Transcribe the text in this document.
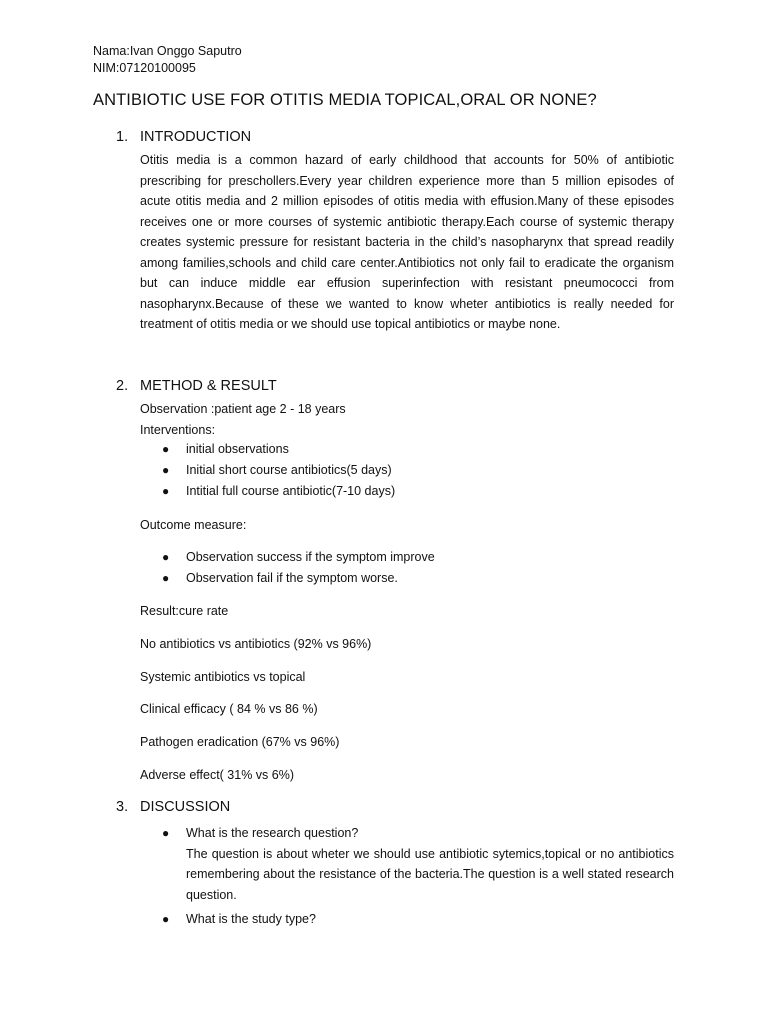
Nama:Ivan Onggo Saputro
NIM:07120100095
ANTIBIOTIC USE FOR OTITIS MEDIA TOPICAL,ORAL OR NONE?
1. INTRODUCTION
Otitis media is a common hazard of early childhood that accounts for 50% of antibiotic prescribing for preschollers.Every year children experience more than 5 million episodes of acute otitis media and 2 million episodes of otitis media with effusion.Many of these episodes receives one or more courses of systemic antibiotic therapy.Each course of systemic therapy creates systemic pressure for resistant bacteria in the child’s nasopharynx that spread readily among families,schools and child care center.Antibiotics not only fail to eradicate the organism but can induce middle ear effusion superinfection with resistant pneumococci from nasopharynx.Because of these we wanted to know wheter antibiotics is really needed for treatment of otitis media or we should use topical antibiotics or maybe none.
2. METHOD & RESULT
Observation :patient age 2 - 18 years
Interventions:
● initial observations
● Initial short course antibiotics(5 days)
● Intitial full course antibiotic(7-10 days)
Outcome measure:
● Observation success if the symptom improve
● Observation fail if the symptom worse.
Result:cure rate
No antibiotics vs antibiotics (92% vs 96%)
Systemic antibiotics vs topical
Clinical efficacy ( 84 % vs 86 %)
Pathogen eradication (67% vs 96%)
Adverse effect( 31% vs 6%)
3. DISCUSSION
● What is the research question?
The question is about wheter we should use antibiotic sytemics,topical or no antibiotics remembering about the resistance of the bacteria.The question is a well stated research question.
● What is the study type?
